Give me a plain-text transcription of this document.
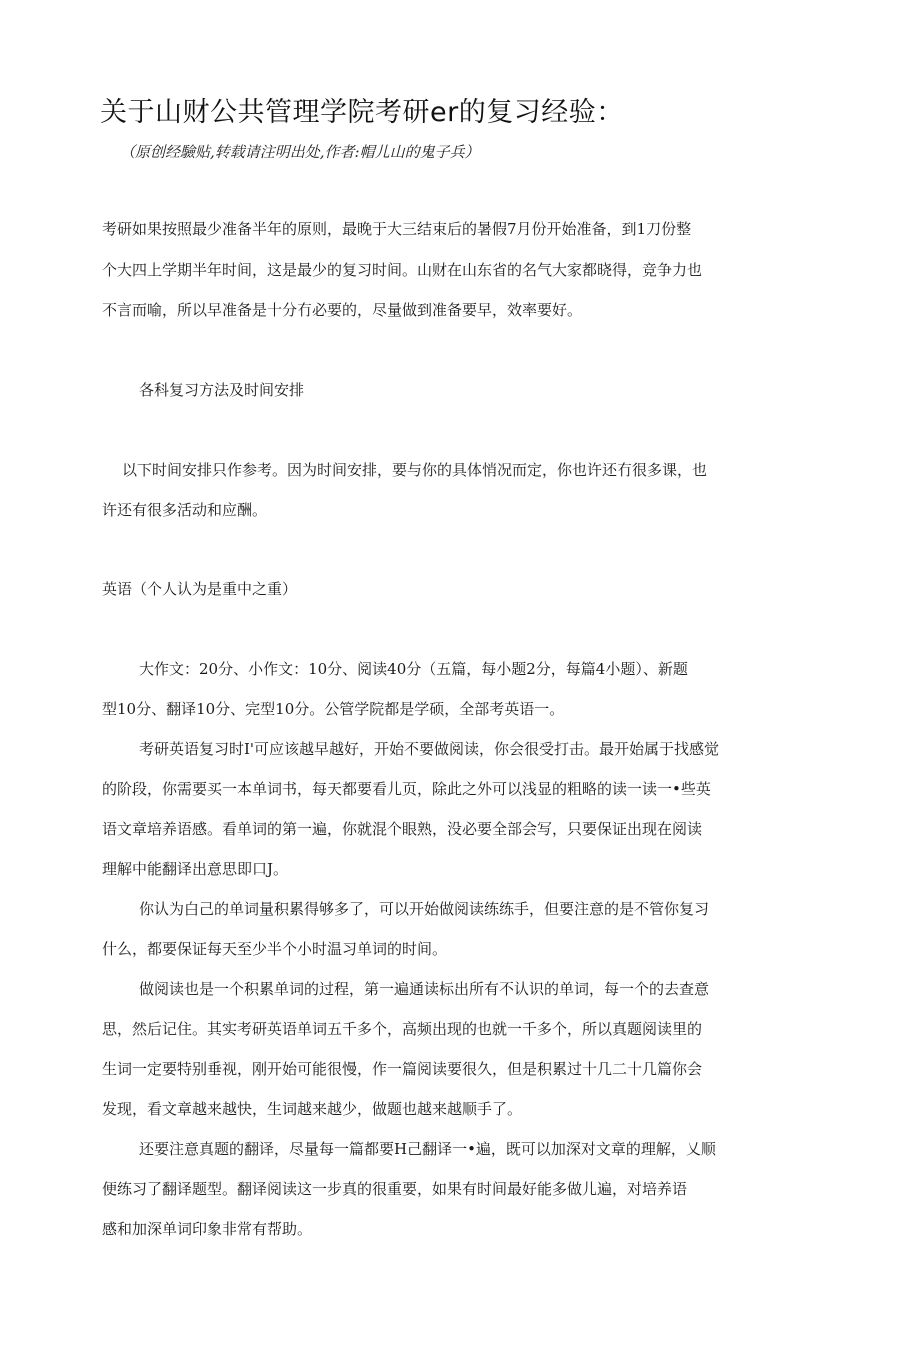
关于山财公共管理学院考研er的复习经验：
（原创经驗贴,转载请注明出处,作者:帽儿山的鬼子兵）
考研如果按照最少准备半年的原则，最晚于大三结束后的暑假7月份开始准备，到1刀份整
个大四上学期半年时间，这是最少的复习时间。山财在山东省的名气大家都晓得，竞争力也
不言而喻，所以早准备是十分冇必要的，尽量做到准备要早，效率要好。
各科复习方法及时间安排
以下时间安排只作参考。因为时间安排，要与你的具体悄况而定，你也许还冇很多课，也
许还有很多活动和应酬。
英语（个人认为是重中之重）
大作文：20分、小作文：10分、阅读40分（五篇，每小题2分，每篇4小题）、新题
型10分、翻译10分、完型10分。公管学院都是学硕，全部考英语一。
考研英语复习时I'可应该越早越好，开始不要做阅读，你会很受打击。最开始属于找感觉
的阶段，你需要买一本单词书，每天都要看儿页，除此之外可以浅显的粗略的读一读一•些英
语文章培养语感。看单词的第一遍，你就混个眼熟，没必要全部会写，只要保证出现在阅读
理解中能翻译出意思即口J。
你认为白己的单词量积累得够多了，可以开始做阅读练练手，但要注意的是不管你复习
什么，都要保证每天至少半个小时温习单词的时间。
做阅读也是一个积累单词的过程，第一遍通读标出所有不认识的单词，每一个的去查意
思，然后记住。其实考研英语单词五千多个，高频出现的也就一千多个，所以真题阅读里的
生词一定要特别垂视，刚开始可能很慢，作一篇阅读要很久，但是积累过十几二十几篇你会
发现，看文章越来越快，生词越来越少，做题也越来越顺手了。
还要注意真题的翻译，尽量每一篇都要H己翻译一•遍，既可以加深对文章的理解，乂顺
便练习了翻译题型。翻译阅读这一步真的很重要，如果有时间最好能多做儿遍，对培养语
感和加深单词印象非常有帮助。
